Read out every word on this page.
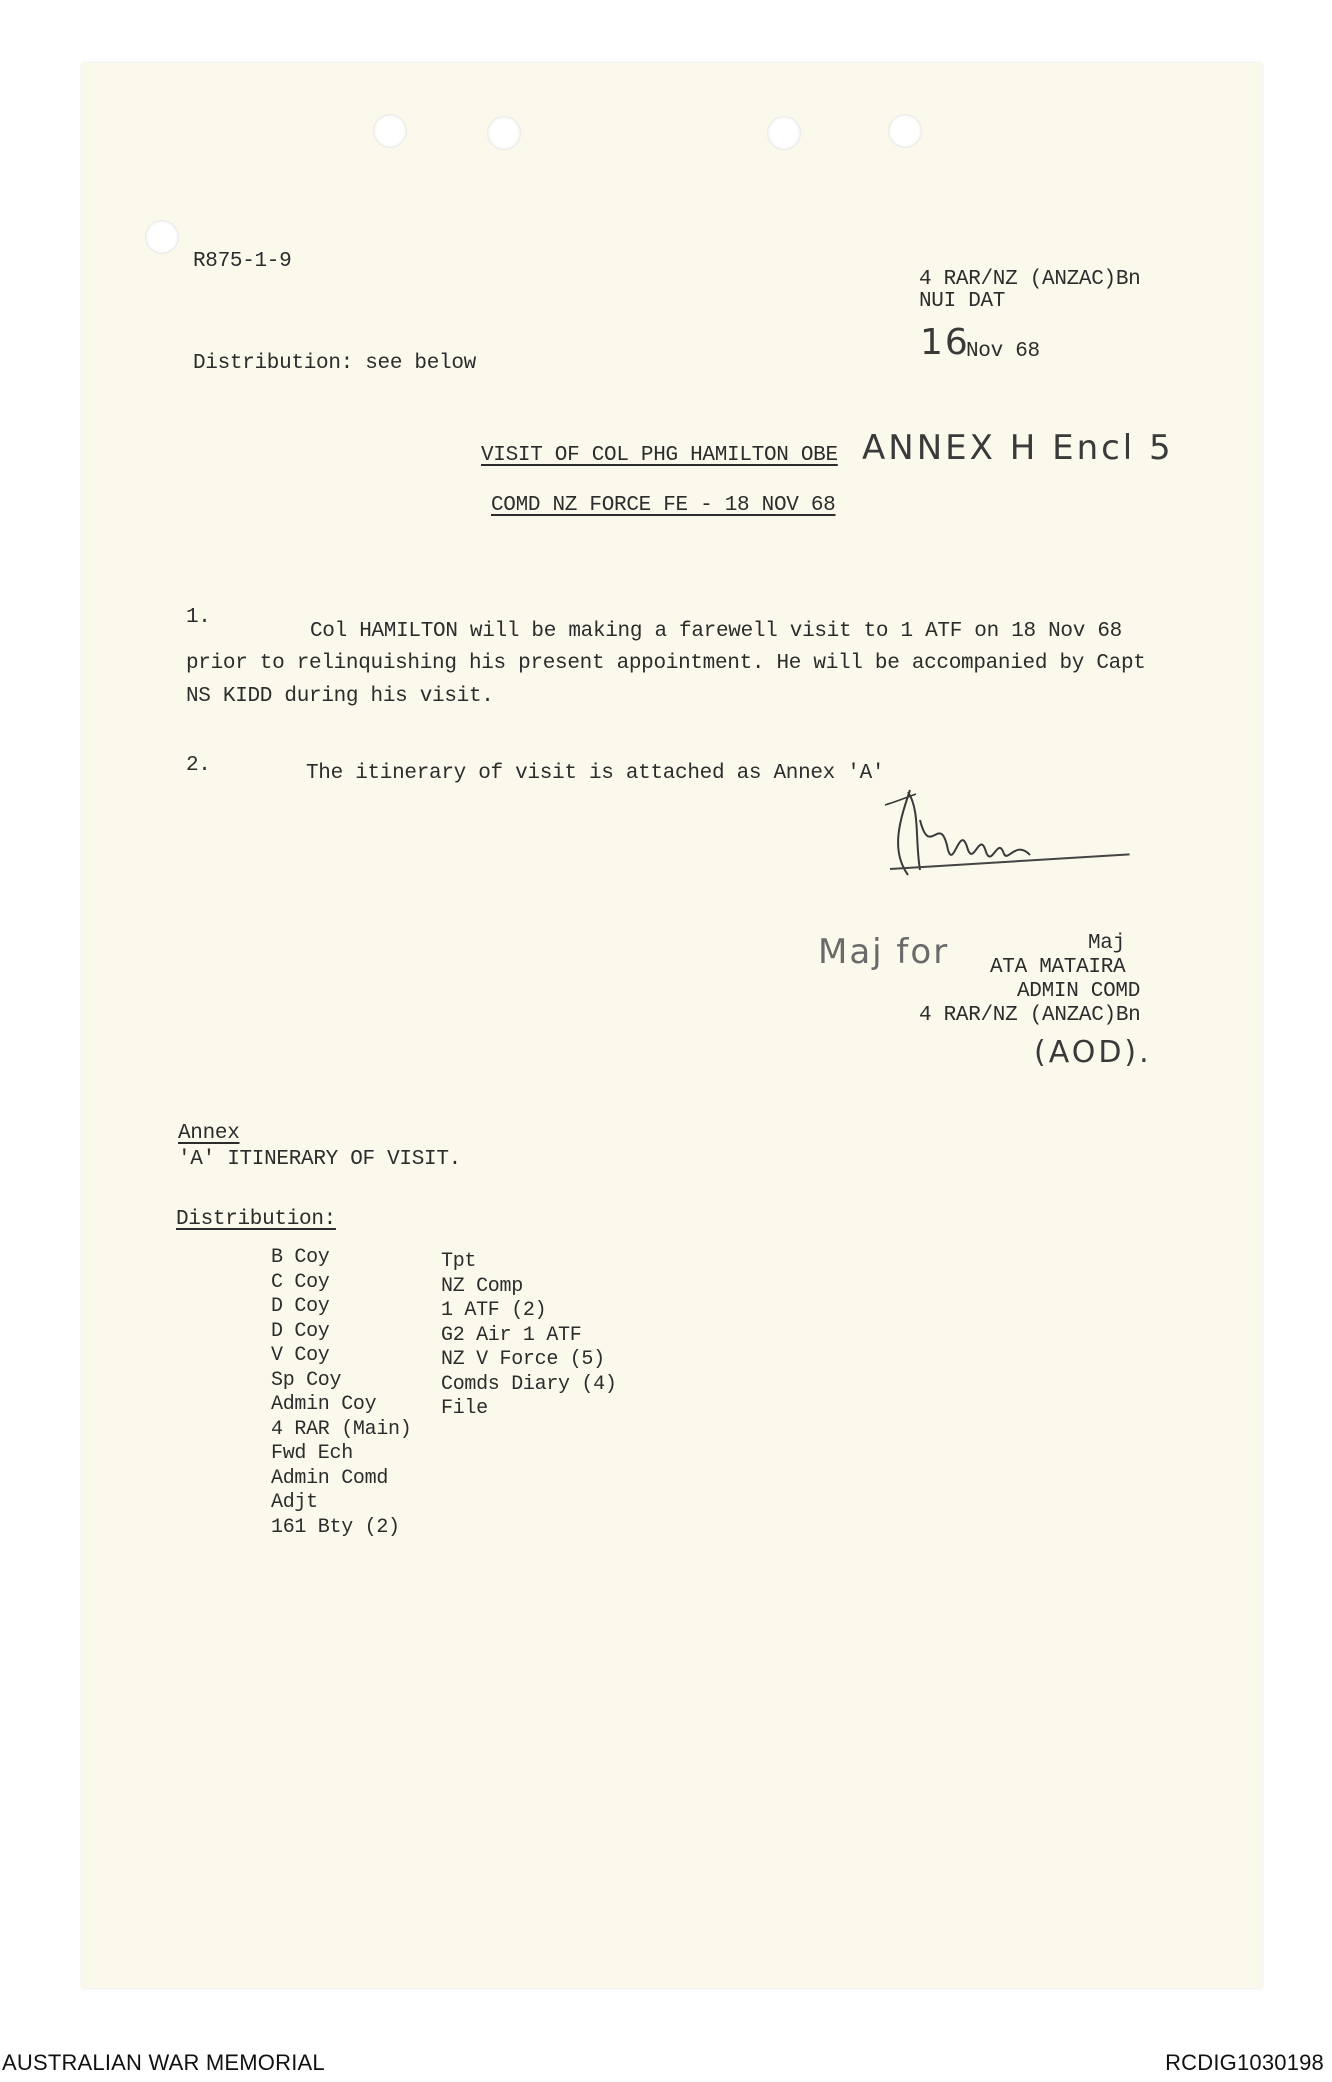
R875-1-9
4 RAR/NZ (ANZAC)Bn
NUI DAT
16
Nov 68
Distribution: see below
VISIT OF COL PHG HAMILTON OBE
COMD NZ FORCE FE - 18 NOV 68
ANNEX H Encl 5
1.
Col HAMILTON will be making a farewell visit to 1 ATF on 18 Nov 68
prior to relinquishing his present appointment. He will be accompanied by Capt
NS KIDD during his visit.
2.	The itinerary of visit is attached as Annex 'A'
Maj for	Maj
ATA MATAIRA
ADMIN COMD
4 RAR/NZ (ANZAC)Bn
(AOD).
Annex
'A' ITINERARY OF VISIT.
Distribution:
B Coy
C Coy
D Coy
D Coy
V Coy
Sp Coy
Admin Coy
4 RAR (Main)
Fwd Ech
Admin Comd
Adjt
161 Bty (2)
Tpt
NZ Comp
1 ATF (2)
G2 Air 1 ATF
NZ V Force (5)
Comds Diary (4)
File
AUSTRALIAN WAR MEMORIAL	RCDIG1030198
